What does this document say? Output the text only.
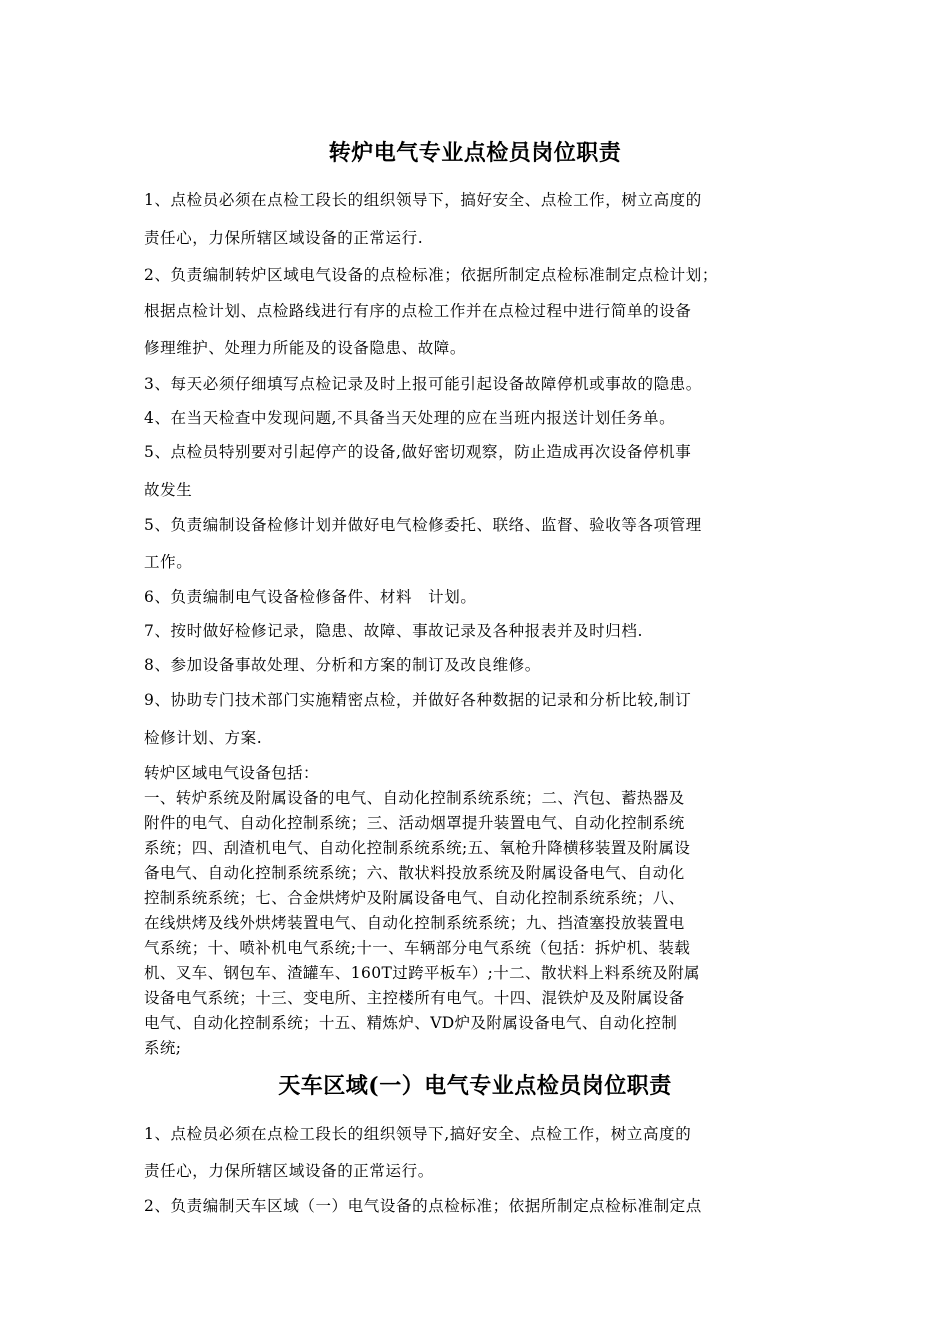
转炉电气专业点检员岗位职责
1、点检员必须在点检工段长的组织领导下，搞好安全、点检工作，树立高度的
责任心，力保所辖区域设备的正常运行.
2、负责编制转炉区域电气设备的点检标准；依据所制定点检标准制定点检计划；
根据点检计划、点检路线进行有序的点检工作并在点检过程中进行简单的设备
修理维护、处理力所能及的设备隐患、故障。
3、每天必须仔细填写点检记录及时上报可能引起设备故障停机或事故的隐患。
4、在当天检查中发现问题,不具备当天处理的应在当班内报送计划任务单。
5、点检员特别要对引起停产的设备,做好密切观察，防止造成再次设备停机事
故发生
5、负责编制设备检修计划并做好电气检修委托、联络、监督、验收等各项管理
工作。
6、负责编制电气设备检修备件、材料　计划。
7、按时做好检修记录，隐患、故障、事故记录及各种报表并及时归档.
8、参加设备事故处理、分析和方案的制订及改良维修。
9、协助专门技术部门实施精密点检，并做好各种数据的记录和分析比较,制订
检修计划、方案.
转炉区域电气设备包括：
一、转炉系统及附属设备的电气、自动化控制系统系统；二、汽包、蓄热器及
附件的电气、自动化控制系统；三、活动烟罩提升装置电气、自动化控制系统
系统；四、刮渣机电气、自动化控制系统系统;五、氧枪升降横移装置及附属设
备电气、自动化控制系统系统；六、散状料投放系统及附属设备电气、自动化
控制系统系统；七、合金烘烤炉及附属设备电气、自动化控制系统系统；八、
在线烘烤及线外烘烤装置电气、自动化控制系统系统；九、挡渣塞投放装置电
气系统；十、喷补机电气系统;十一、车辆部分电气系统（包括：拆炉机、装载
机、叉车、钢包车、渣罐车、160T过跨平板车）;十二、散状料上料系统及附属
设备电气系统；十三、变电所、主控楼所有电气。十四、混铁炉及及附属设备
电气、自动化控制系统；十五、精炼炉、VD炉及附属设备电气、自动化控制
系统;
天车区域(一）电气专业点检员岗位职责
1、点检员必须在点检工段长的组织领导下,搞好安全、点检工作，树立高度的
责任心，力保所辖区域设备的正常运行。
2、负责编制天车区域（一）电气设备的点检标准；依据所制定点检标准制定点
